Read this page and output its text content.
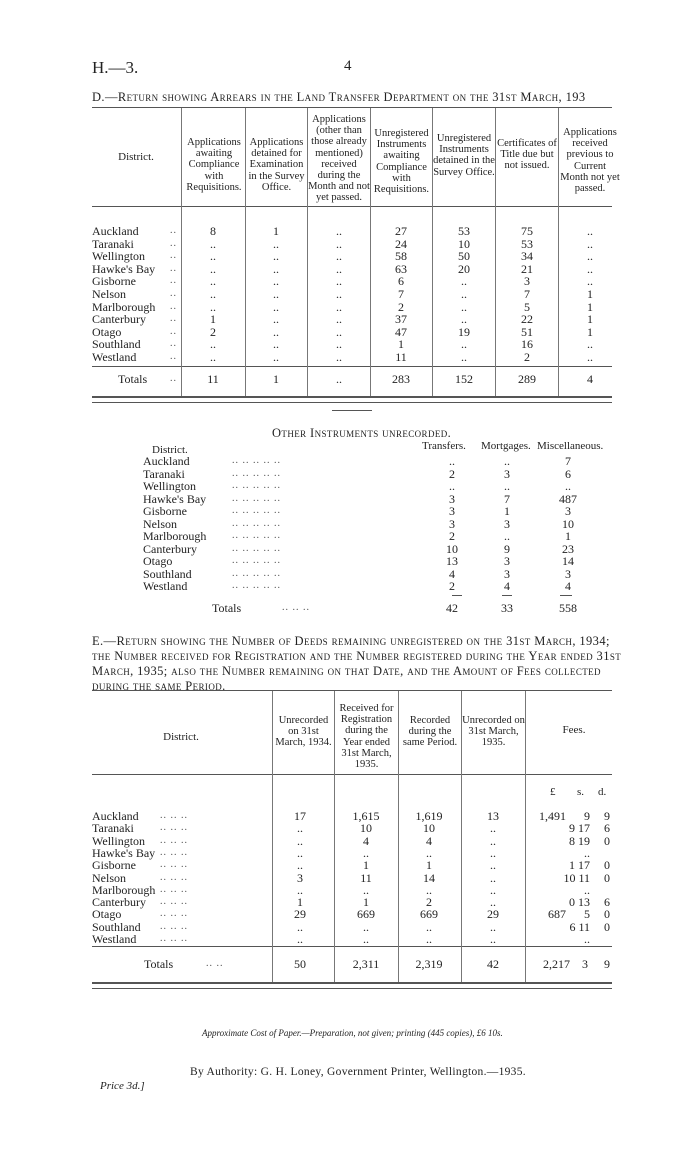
H.—3.	4
D.—Return showing Arrears in the Land Transfer Department on the 31st March, 193
District.
Applications awaiting Compliance with Requisitions.
Applications detained for Examination in the Survey Office.
Applications (other than those already mentioned) received during the Month and not yet passed.
Unregistered Instruments awaiting Compliance with Requisitions.
Unregistered Instruments detained in the Survey Office.
Certificates of Title due but not issued.
Applications received previous to Current Month not yet passed.
Auckland	..	8	1	..	27	53	75	..
Taranaki	..	..	..	..	24	10	53	..
Wellington ..	..	..	..	58	50	34	..
Hawke's Bay ..	..	..	..	63	20	21	..
Gisborne	..	..	..	..	6	..	3	..
Nelson	..	..	..	..	7	..	7	1
Marlborough ..	..	..	..	2	..	5	1
Canterbury ..	1	..	..	37	..	22	1
Otago	..	2	..	..	47	19	51	1
Southland	..	..	..	..	1	..	16	..
Westland	..	..	..	..	11	..	2	..
Totals ..	11	1	..	283	152	289	4
Other Instruments unrecorded.
District.	Transfers. Mortgages. Miscellaneous.
Auckland	.. .. .. .. ..	..	..	7
Taranaki	.. .. .. .. ..	2	3	6
Wellington	.. .. .. .. ..	..	..	..
Hawke's Bay	.. .. .. .. ..	3	7	487
Gisborne	.. .. .. .. ..	3	1	3
Nelson	.. .. .. .. ..	3	3	10
Marlborough	.. .. .. .. ..	2	..	1
Canterbury	.. .. .. .. ..	10	9	23
Otago	.. .. .. .. ..	13	3	14
Southland	.. .. .. .. ..	4	3	3
Westland	.. .. .. .. ..	2	4	4
Totals	.. .. ..	42	33	558
E.—Return showing the Number of Deeds remaining unregistered on the 31st March, 1934; the Number received for Registration and the Number registered during the Year ended 31st March, 1935; also the Number remaining on that Date, and the Amount of Fees collected during the same Period.
District.
Unrecorded on 31st March, 1934.
Received for Registration during the Year ended 31st March, 1935.
Recorded during the same Period.
Unrecorded on 31st March, 1935.
Fees.
£ s. d.
Auckland .. .. ..	17	1,615	1,619	13	1,491 9 9
Taranaki	.. .. ..	..	10	10	..	9 17 6
Wellington .. .. ..	..	4	4	..	8 19 0
Hawke's Bay .. .. ..	..	..	..	..	..
Gisborne .. .. ..	..	1	1	..	1 17 0
Nelson	.. .. ..	3	11	14	..	10 11 0
Marlborough .. .. ..	..	..	..	..	..
Canterbury .. .. ..	1	1	2	..	0 13 6
Otago	.. .. ..	29	669	669	29	687 5 0
Southland .. .. ..	..	..	..	..	6 11 0
Westland .. .. ..	..	..	..	..	..
Totals	.. ..	50	2,311	2,319	42	2,217 3 9
Approximate Cost of Paper.—Preparation, not given; printing (445 copies), £6 10s.
By Authority: G. H. Loney, Government Printer, Wellington.—1935.
Price 3d.]
